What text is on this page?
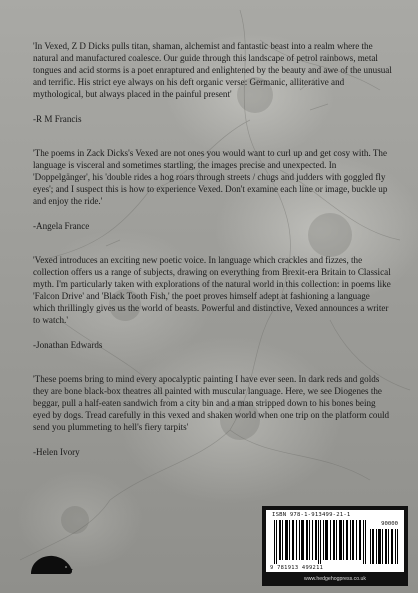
'In Vexed, Z D Dicks pulls titan, shaman, alchemist and fantastic beast into a realm where the natural and manufactured coalesce. Our guide through this landscape of petrol rainbows, metal tongues and acid storms is a poet enraptured and enlightened by the beauty and awe of the unusual and terrific. His strict eye always on his deft organic verse: Germanic, alliterative and mythological, but always placed in the painful present'

-R M Francis

'The poems in Zack Dicks's Vexed are not ones you would want to curl up and get cosy with. The language is visceral and sometimes startling, the images precise and unexpected. In 'Doppelgänger', his 'double rides a hog roars through streets / chugs and judders with goggled fly eyes'; and I suspect this is how to experience Vexed. Don't examine each line or image, buckle up and enjoy the ride.'

-Angela France

'Vexed introduces an exciting new poetic voice. In language which crackles and fizzes, the collection offers us a range of subjects, drawing on everything from Brexit-era Britain to Classical myth. I'm particularly taken with explorations of the natural world in this collection: in poems like 'Falcon Drive' and 'Black Tooth Fish,' the poet proves himself adept at fashioning a language which thrillingly gives us the world of beasts. Powerful and distinctive, Vexed announces a writer to watch.'

-Jonathan Edwards

'These poems bring to mind every apocalyptic painting I have ever seen. In dark reds and golds they are bone black-box theatres all painted with muscular language. Here, we see Diogenes the beggar, pull a half-eaten sandwich from a city bin and a man stripped down to his bones being eyed by dogs. Tread carefully in this vexed and shaken world when one trip on the platform could send you plummeting to hell's fiery tarpits'

-Helen Ivory

ISBN 978-1-913499-21-1
90000
9 781913 499211
www.hedgehogpress.co.uk
